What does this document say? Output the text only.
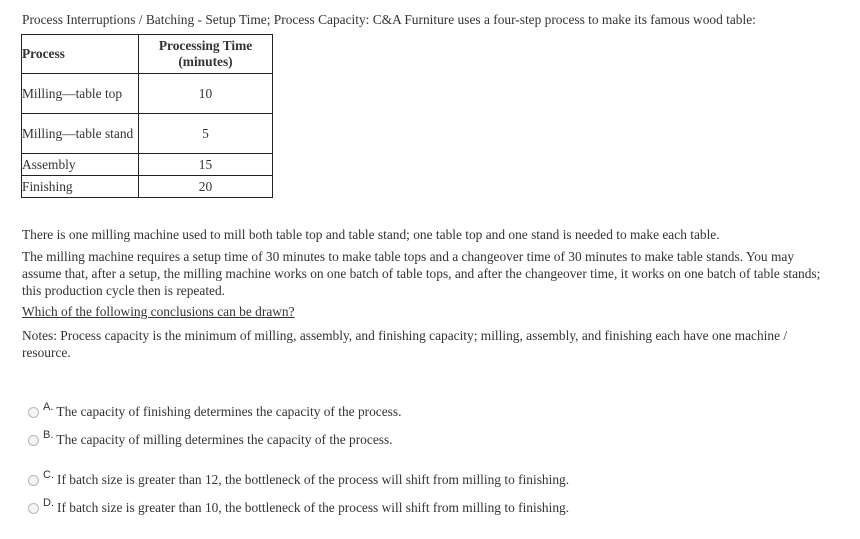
Process Interruptions / Batching - Setup Time; Process Capacity: C&A Furniture uses a four-step process to make its famous wood table:
Process	Processing Time
(minutes)
Milling—table top	10
Milling—table stand	5
Assembly	15
Finishing	20
There is one milling machine used to mill both table top and table stand; one table top and one stand is needed to make each table.
The milling machine requires a setup time of 30 minutes to make table tops and a changeover time of 30 minutes to make table stands. You may assume that, after a setup, the milling machine works on one batch of table tops, and after the changeover time, it works on one batch of table stands; this production cycle then is repeated.
Which of the following conclusions can be drawn?
Notes: Process capacity is the minimum of milling, assembly, and finishing capacity; milling, assembly, and finishing each have one machine / resource.
A. The capacity of finishing determines the capacity of the process.
B. The capacity of milling determines the capacity of the process.
C. If batch size is greater than 12, the bottleneck of the process will shift from milling to finishing.
D. If batch size is greater than 10, the bottleneck of the process will shift from milling to finishing.
